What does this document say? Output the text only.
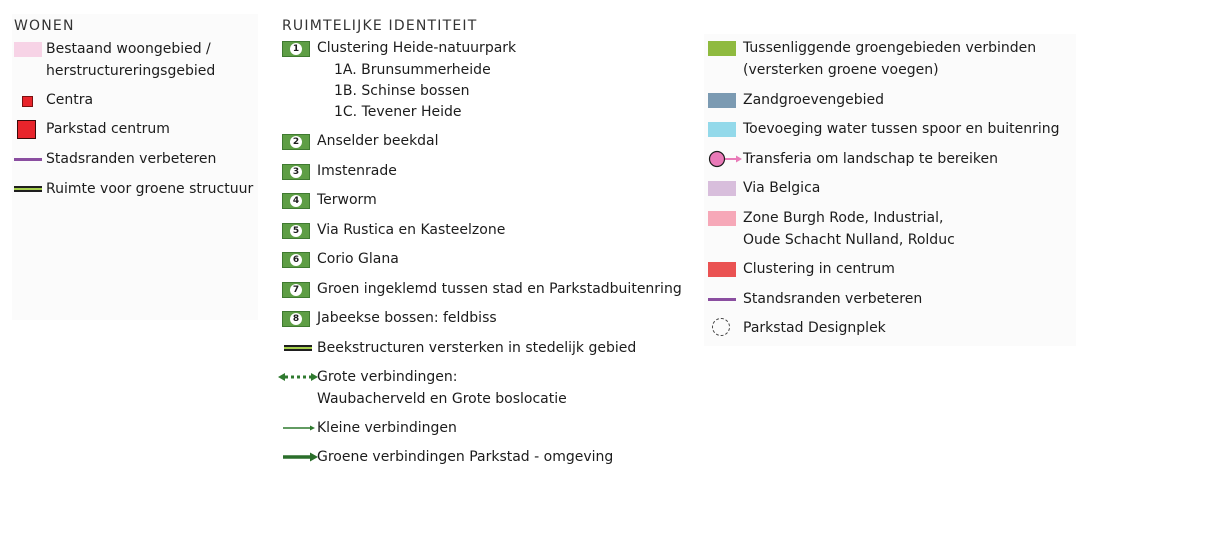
WONEN
Bestaand woongebied /
herstructureringsgebied
Centra
Parkstad centrum
Stadsranden verbeteren
Ruimte voor groene structuur
RUIMTELIJKE IDENTITEIT
1 Clustering Heide-natuurpark
1A. Brunsummerheide
1B. Schinse bossen
1C. Tevener Heide
2 Anselder beekdal
3 Imstenrade
4 Terworm
5 Via Rustica en Kasteelzone
6 Corio Glana
7 Groen ingeklemd tussen stad en Parkstadbuitenring
8 Jabeekse bossen: feldbiss
Beekstructuren versterken in stedelijk gebied
Grote verbindingen:
Waubacherveld en Grote boslocatie
Kleine verbindingen
Groene verbindingen Parkstad - omgeving
Tussenliggende groengebieden verbinden
(versterken groene voegen)
Zandgroevengebied
Toevoeging water tussen spoor en buitenring
Transferia om landschap te bereiken
Via Belgica
Zone Burgh Rode, Industrial,
Oude Schacht Nulland, Rolduc
Clustering in centrum
Standsranden verbeteren
Parkstad Designplek
